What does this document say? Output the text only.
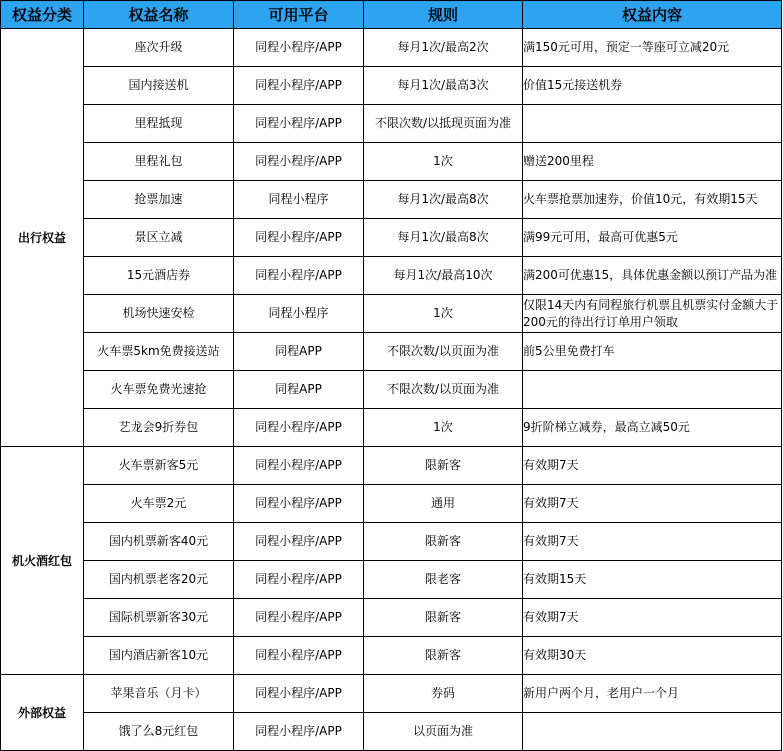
权益分类	权益名称	可用平台	规则	权益内容
出行权益	座次升级	同程小程序/APP	每月1次/最高2次	满150元可用，预定一等座可立减20元
	国内接送机	同程小程序/APP	每月1次/最高3次	价值15元接送机券
	里程抵现	同程小程序/APP	不限次数/以抵现页面为准	
	里程礼包	同程小程序/APP	1次	赠送200里程
	抢票加速	同程小程序	每月1次/最高8次	火车票抢票加速券，价值10元，有效期15天
	景区立减	同程小程序/APP	每月1次/最高8次	满99元可用，最高可优惠5元
	15元酒店券	同程小程序/APP	每月1次/最高10次	满200可优惠15，具体优惠金额以预订产品为准
	机场快速安检	同程小程序	1次	仅限14天内有同程旅行机票且机票实付金额大于200元的待出行订单用户领取
	火车票5km免费接送站	同程APP	不限次数/以页面为准	前5公里免费打车
	火车票免费光速抢	同程APP	不限次数/以页面为准	
	艺龙会9折券包	同程小程序/APP	1次	9折阶梯立减券，最高立减50元
机火酒红包	火车票新客5元	同程小程序/APP	限新客	有效期7天
	火车票2元	同程小程序/APP	通用	有效期7天
	国内机票新客40元	同程小程序/APP	限新客	有效期7天
	国内机票老客20元	同程小程序/APP	限老客	有效期15天
	国际机票新客30元	同程小程序/APP	限新客	有效期7天
	国内酒店新客10元	同程小程序/APP	限新客	有效期30天
外部权益	苹果音乐（月卡）	同程小程序/APP	券码	新用户两个月，老用户一个月
	饿了么8元红包	同程小程序/APP	以页面为准	
